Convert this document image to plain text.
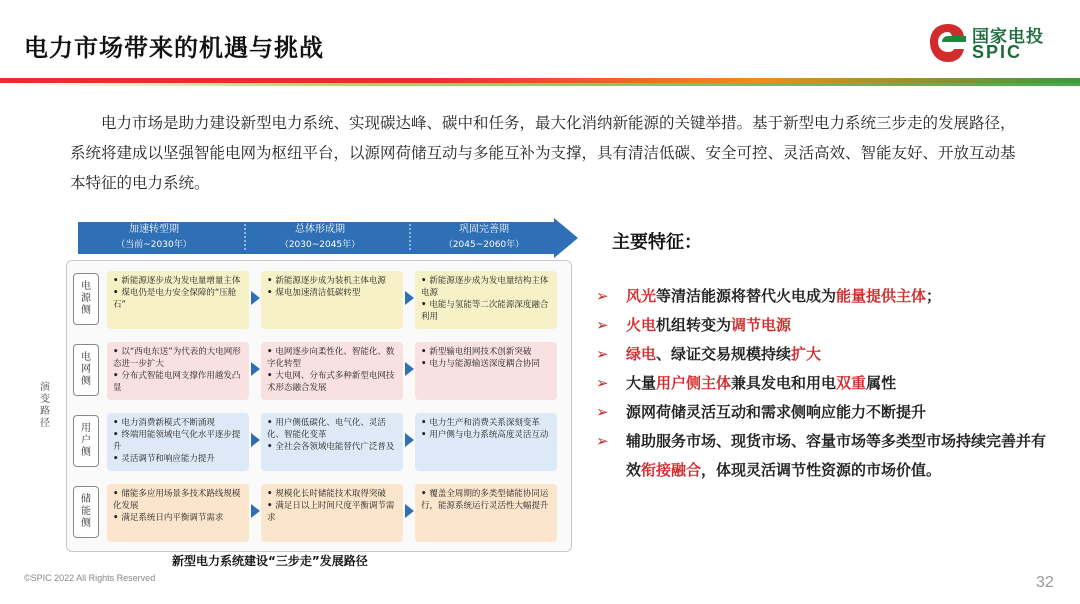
电力市场带来的机遇与挑战	国家电投
SPIC

电力市场是助力建设新型电力系统、实现碳达峰、碳中和任务，最大化消纳新能源的关键举措。基于新型电力系统三步走的发展路径，系统将建成以坚强智能电网为枢纽平台，以源网荷储互动与多能互补为支撑，具有清洁低碳、安全可控、灵活高效、智能友好、开放互动基本特征的电力系统。

加速转型期
（当前~2030年）
总体形成期
（2030~2045年）
巩固完善期
（2045~2060年）
演变路径
电源侧
• 新能源逐步成为发电量增量主体
• 煤电仍是电力安全保障的“压舱石”
• 新能源逐步成为装机主体电源
• 煤电加速清洁低碳转型
• 新能源逐步成为发电量结构主体电源
• 电能与氢能等二次能源深度融合利用
电网侧
• 以“西电东送”为代表的大电网形态进一步扩大
• 分布式智能电网支撑作用越发凸显
• 电网逐步向柔性化、智能化、数字化转型
• 大电网、分布式多种新型电网技术形态融合发展
• 新型输电组网技术创新突破
• 电力与能源输送深度耦合协同
用户侧
• 电力消费新模式不断涌现
• 终端用能领域电气化水平逐步提升
• 灵活调节和响应能力提升
• 用户侧低碳化、电气化、灵活化、智能化变革
• 全社会各领域电能替代广泛普及
• 电力生产和消费关系深刻变革
• 用户侧与电力系统高度灵活互动
储能侧
• 储能多应用场景多技术路线规模化发展
• 满足系统日内平衡调节需求
• 规模化长时储能技术取得突破
• 满足日以上时间尺度平衡调节需求
• 覆盖全周期的多类型储能协同运行，能源系统运行灵活性大幅提升
新型电力系统建设“三步走”发展路径
主要特征：
➢ 风光等清洁能源将替代火电成为能量提供主体；
➢ 火电机组转变为调节电源
➢ 绿电、绿证交易规模持续扩大
➢ 大量用户侧主体兼具发电和用电双重属性
➢ 源网荷储灵活互动和需求侧响应能力不断提升
➢ 辅助服务市场、现货市场、容量市场等多类型市场持续完善并有效衔接融合，体现灵活调节性资源的市场价值。
©SPIC 2022 All Rights Reserved	32
